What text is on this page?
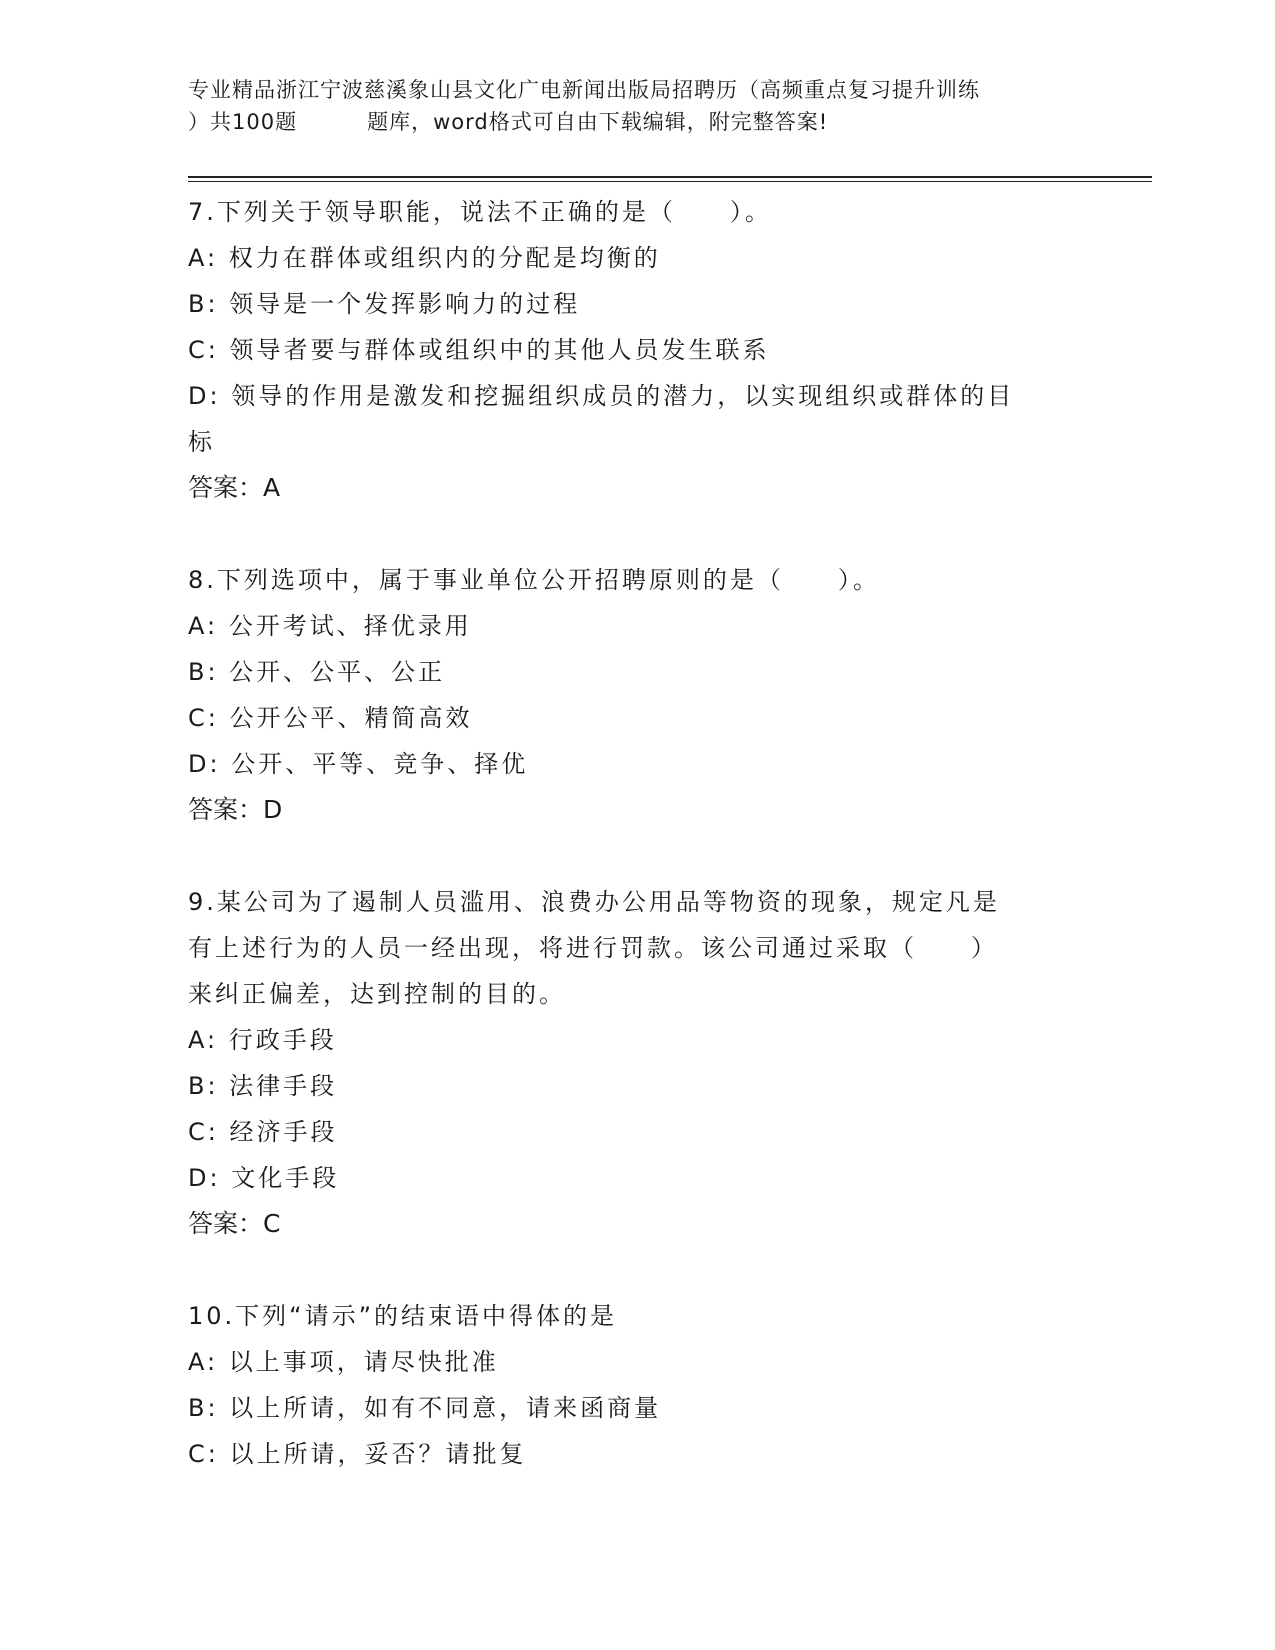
专业精品浙江宁波慈溪象山县文化广电新闻出版局招聘历（高频重点复习提升训练
）共100题	题库，word格式可自由下载编辑，附完整答案!
7.下列关于领导职能，说法不正确的是（　　）。
A: 权力在群体或组织内的分配是均衡的
B: 领导是一个发挥影响力的过程
C: 领导者要与群体或组织中的其他人员发生联系
D: 领导的作用是激发和挖掘组织成员的潜力，以实现组织或群体的目
标
答案：A
8.下列选项中，属于事业单位公开招聘原则的是（　　）。
A: 公开考试、择优录用
B: 公开、公平、公正
C: 公开公平、精简高效
D: 公开、平等、竞争、择优
答案：D
9.某公司为了遏制人员滥用、浪费办公用品等物资的现象，规定凡是
有上述行为的人员一经出现，将进行罚款。该公司通过采取（　　）
来纠正偏差，达到控制的目的。
A: 行政手段
B: 法律手段
C: 经济手段
D: 文化手段
答案：C
10.下列“请示”的结束语中得体的是
A: 以上事项，请尽快批准
B: 以上所请，如有不同意，请来函商量
C: 以上所请，妥否？请批复
